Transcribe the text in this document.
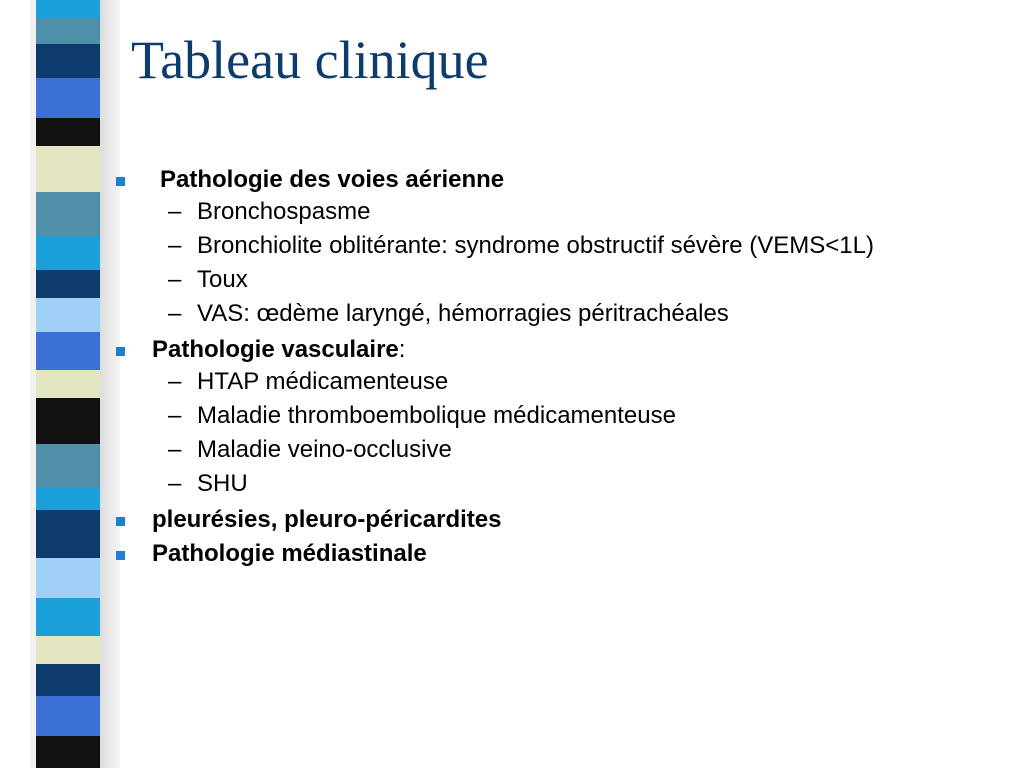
Tableau clinique
Pathologie des voies aérienne
– Bronchospasme
– Bronchiolite oblitérante: syndrome obstructif sévère (VEMS<1L)
– Toux
– VAS: œdème laryngé, hémorragies péritrachéales
Pathologie vasculaire:
– HTAP médicamenteuse
– Maladie thromboembolique médicamenteuse
– Maladie veino-occlusive
– SHU
pleurésies, pleuro-péricardites
Pathologie médiastinale
